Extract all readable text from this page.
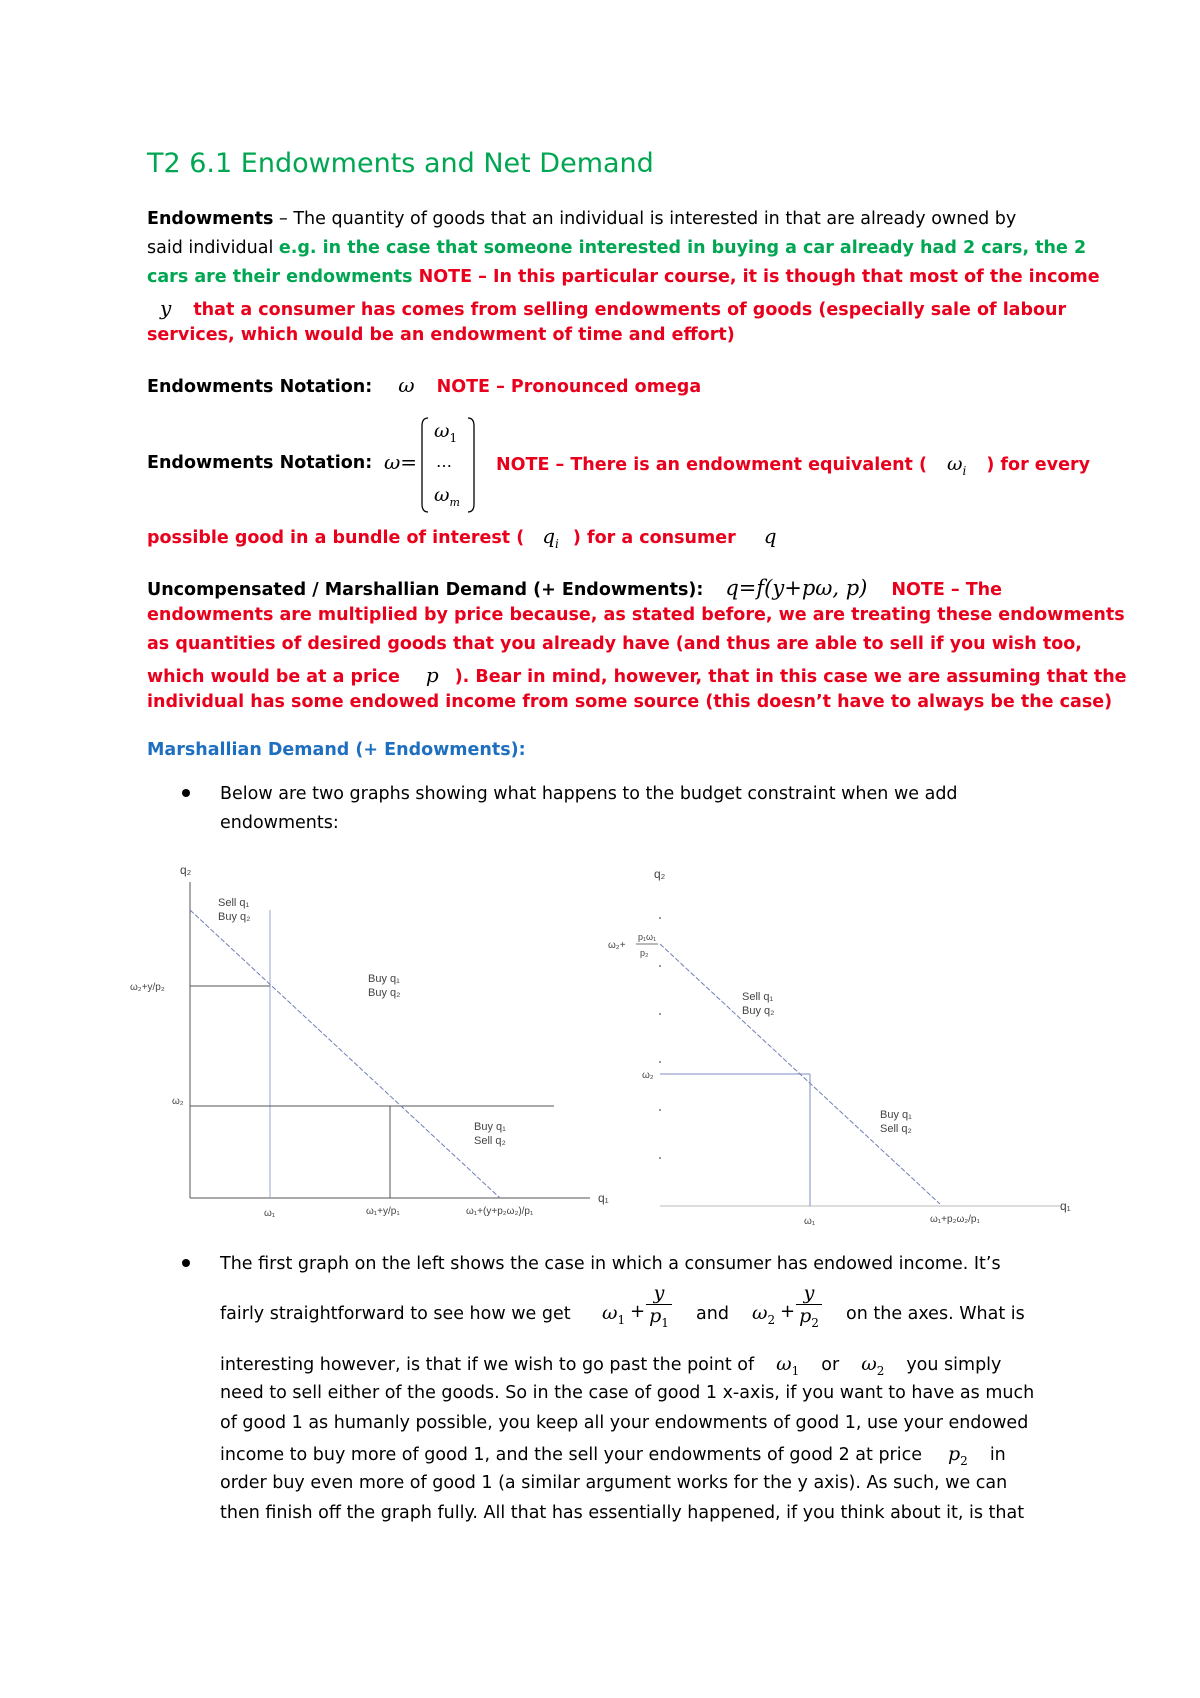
T2 6.1 Endowments and Net Demand
Endowments – The quantity of goods that an individual is interested in that are already owned by
said individual e.g. in the case that someone interested in buying a car already had 2 cars, the 2
cars are their endowments NOTE – In this particular course, it is though that most of the income
y that a consumer has comes from selling endowments of goods (especially sale of labour
services, which would be an endowment of time and effort)
Endowments Notation: ω NOTE – Pronounced omega
Endowments Notation: ω=
$\omega_1$
…
$\omega_m$
NOTE – There is an endowment equivalent ( $\omega_i$ ) for every
possible good in a bundle of interest ( $q_i$ ) for a consumer q
Uncompensated / Marshallian Demand (+ Endowments): q=f(y+pω, p) NOTE – The
endowments are multiplied by price because, as stated before, we are treating these endowments
as quantities of desired goods that you already have (and thus are able to sell if you wish too,
which would be at a price p ). Bear in mind, however, that in this case we are assuming that the
individual has some endowed income from some source (this doesn’t have to always be the case)
Marshallian Demand (+ Endowments):
Below are two graphs showing what happens to the budget constraint when we add
endowments:
q₂
q₁
Sell q₁
Buy q₂
Buy q₁
Buy q₂
Buy q₁
Sell q₂
ω₂+y/p₂
ω₂
ω₁	ω₁+y/p₁	ω₁+(y+p₂ω₂)/p₁
q₂
q₁
ω₂+
p₁ω₁
p₂
ω₂
ω₁	ω₁+p₂ω₂/p₁
Sell q₁
Buy q₂
Buy q₁
Sell q₂
The first graph on the left shows the case in which a consumer has endowed income. It’s
fairly straightforward to see how we get $\omega_1 + \frac{y}{p_1}$ and $\omega_2 + \frac{y}{p_2}$ on the axes. What is
interesting however, is that if we wish to go past the point of $\omega_1$ or $\omega_2$ you simply
need to sell either of the goods. So in the case of good 1 x-axis, if you want to have as much
of good 1 as humanly possible, you keep all your endowments of good 1, use your endowed
income to buy more of good 1, and the sell your endowments of good 2 at price $p_2$ in
order buy even more of good 1 (a similar argument works for the y axis). As such, we can
then finish off the graph fully. All that has essentially happened, if you think about it, is that
